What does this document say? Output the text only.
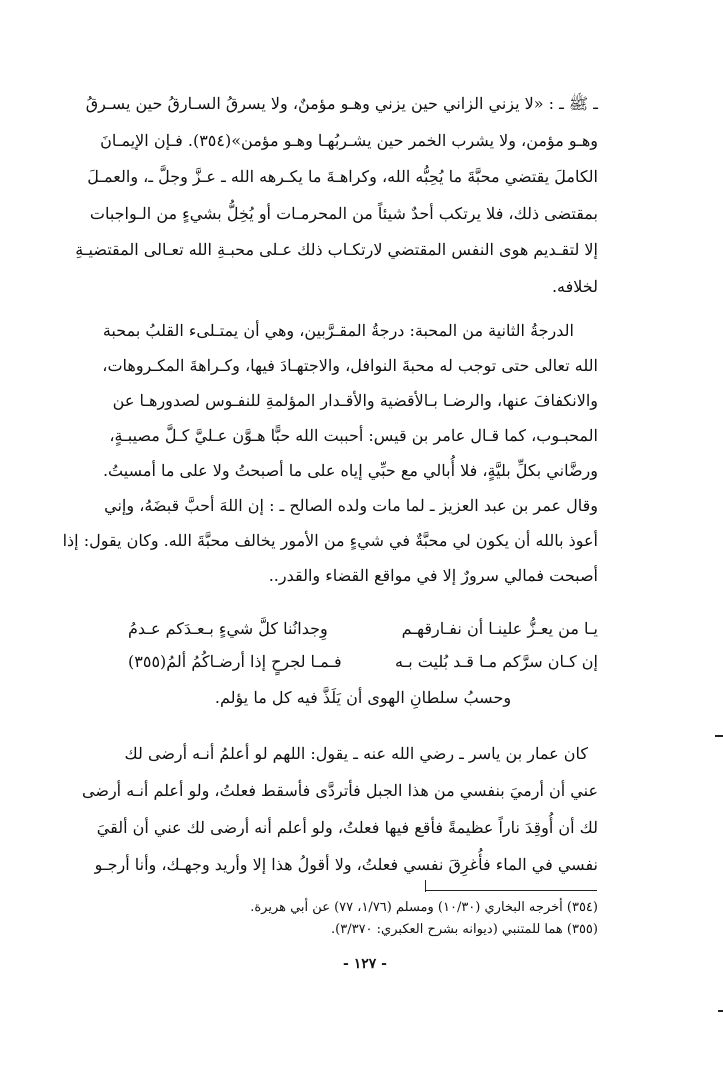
ـ ﷺ ـ : «لا يزني الزاني حين يزني وهـو مؤمنٌ، ولا يسرقُ السـارقُ حين يسـرقُ
وهـو مؤمن، ولا يشرب الخمر حين يشـربُهـا وهـو مؤمن»(٣٥٤). فـإن الإيمـانَ
الكاملَ يقتضي محبَّةَ ما يُحِبُّه الله، وكراهـةَ ما يكـرهه الله ـ عـزَّ وجلَّ ـ، والعمـلَ
بمقتضى ذلك، فلا يرتكب أحدٌ شيئاً من المحرمـات أو يُخِلُّ بشيءٍ من الـواجبات
إلا لتقـديم هوى النفس المقتضي لارتكـاب ذلك عـلى محبـةِ الله تعـالى المقتضيـةِ
لخلافه.
الدرجةُ الثانية من المحبة: درجةُ المقـرَّبين، وهي أن يمتـلىء القلبُ بمحبة
الله تعالى حتى توجب له محبةَ النوافل، والاجتهـادَ فيها، وكـراهةَ المكـروهات،
والانكفافَ عنها، والرضـا بـالأقضية والأقـدار المؤلمةِ للنفـوس لصدورهـا عن
المحبـوب، كما قـال عامر بن قيس: أحببت الله حبًّا هـوَّن عـليَّ كـلَّ مصيبـةٍ،
ورضَّاني بكلِّ بليَّةٍ، فلا أُبالي مع حبِّي إياه على ما أصبحتُ ولا على ما أمسيتُ.
وقال عمر بن عبد العزيز ـ لما مات ولده الصالح ـ : إن اللهَ أحبَّ قبضَهُ، وإني
أعوذ بالله أن يكون لي محبَّةٌ في شيءٍ من الأمور يخالف محبَّةَ الله. وكان يقول: إذا
أصبحت فمالي سرورٌ إلا في مواقع القضاء والقدر..
يـا من يعـزُّ علينـا أن نفـارقهـم
وِجدانُنا كلَّ شيءٍ بـعـدَكم عـدمُ
إن كـان سرَّكم مـا قـد بُليت بـه
فـمـا لجرحٍ إذا أرضـاكُمُ ألمُ(٣٥٥)
وحسبُ سلطانِ الهوى أن يَلَذَّ فيه كل ما يؤلم.
كان عمار بن ياسر ـ رضي الله عنه ـ يقول: اللهم لو أعلمُ أنـه أرضى لك
عني أن أرميَ بنفسي من هذا الجبل فأتردَّى فأسقط فعلتُ، ولو أعلم أنـه أرضى
لك أن أُوقِدَ ناراً عظيمةً فأقع فيها فعلتُ، ولو أعلم أنه أرضى لك عني أن ألقيَ
نفسي في الماء فأُغرِقَ نفسي فعلتُ، ولا أقولُ هذا إلا وأريد وجهـك، وأنا أرجـو
(٣٥٤) أخرجه البخاري (١٠/٣٠) ومسلم (١/٧٦، ٧٧) عن أبي هريرة.
(٣٥٥) هما للمتنبي (ديوانه بشرح العكبري: ٣/٣٧٠).
- ١٢٧ -
